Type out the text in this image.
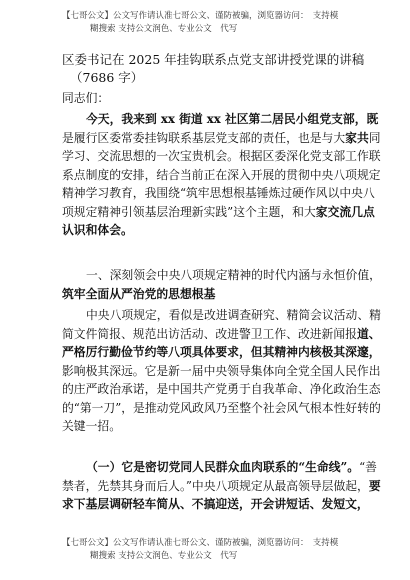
【七哥公文】公文写作请认准七哥公文、谨防被骗，浏览器访问：　支持模
糊搜索 支持公文润色、专业公文　代写
区委书记在 2025 年挂钩联系点党支部讲授党课的讲稿
（7686 字）
同志们：
今天，我来到 xx 街道 xx 社区第二居民小组党支部，既是履行区委常委挂钩联系基层党支部的责任，也是与大家共同学习、交流思想的一次宝贵机会。根据区委深化党支部工作联系点制度的安排，结合当前正在深入开展的贯彻中央八项规定精神学习教育，我围绕“筑牢思想根基锤炼过硬作风以中央八项规定精神引领基层治理新实践”这个主题，和大家交流几点认识和体会。
一、深刻领会中央八项规定精神的时代内涵与永恒价值，筑牢全面从严治党的思想根基
中央八项规定，看似是改进调查研究、精简会议活动、精简文件简报、规范出访活动、改进警卫工作、改进新闻报道、严格厉行勤俭节约等八项具体要求，但其精神内核极其深邃，影响极其深远。它是新一届中央领导集体向全党全国人民作出的庄严政治承诺，是中国共产党勇于自我革命、净化政治生态的“第一刀”，是推动党风政风乃至整个社会风气根本性好转的关键一招。
（一）它是密切党同人民群众血肉联系的“生命线”。“善禁者，先禁其身而后人。”中央八项规定从最高领导层做起，要求下基层调研轻车简从、不搞迎送，开会讲短话、发短文，
【七哥公文】公文写作请认准七哥公文、谨防被骗，浏览器访问：　支持模
糊搜索 支持公文润色、专业公文　代写
